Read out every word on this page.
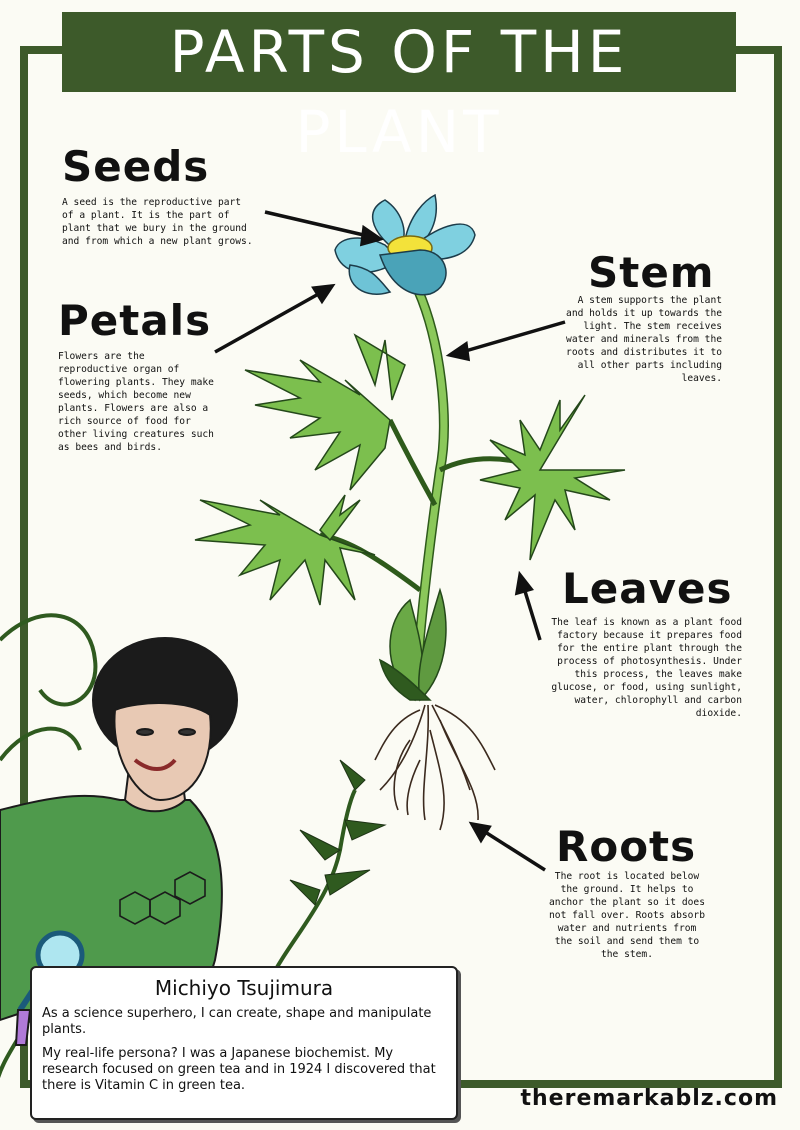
PARTS OF THE PLANT
Seeds
A seed is the reproductive part of a plant. It is the part of plant that we bury in the ground and from which a new plant grows.
Petals
Flowers are the reproductive organ of flowering plants. They make seeds, which become new plants. Flowers are also a rich source of food for other living creatures such as bees and birds.
Stem
A stem supports the plant and holds it up towards the light. The stem receives water and minerals from the roots and distributes it to all other parts including leaves.
Leaves
The leaf is known as a plant food factory because it prepares food for the entire plant through the process of photosynthesis. Under this process, the leaves make glucose, or food, using sunlight, water, chlorophyll and carbon dioxide.
Roots
The root is located below the ground. It helps to anchor the plant so it does not fall over. Roots absorb water and nutrients from the soil and send them to the stem.

Michiyo Tsujimura

As a science superhero, I can create, shape and manipulate plants.

My real-life persona? I was a Japanese biochemist. My research focused on green tea and in 1924 I discovered that there is Vitamin C in green tea.

theremarkablz.com
